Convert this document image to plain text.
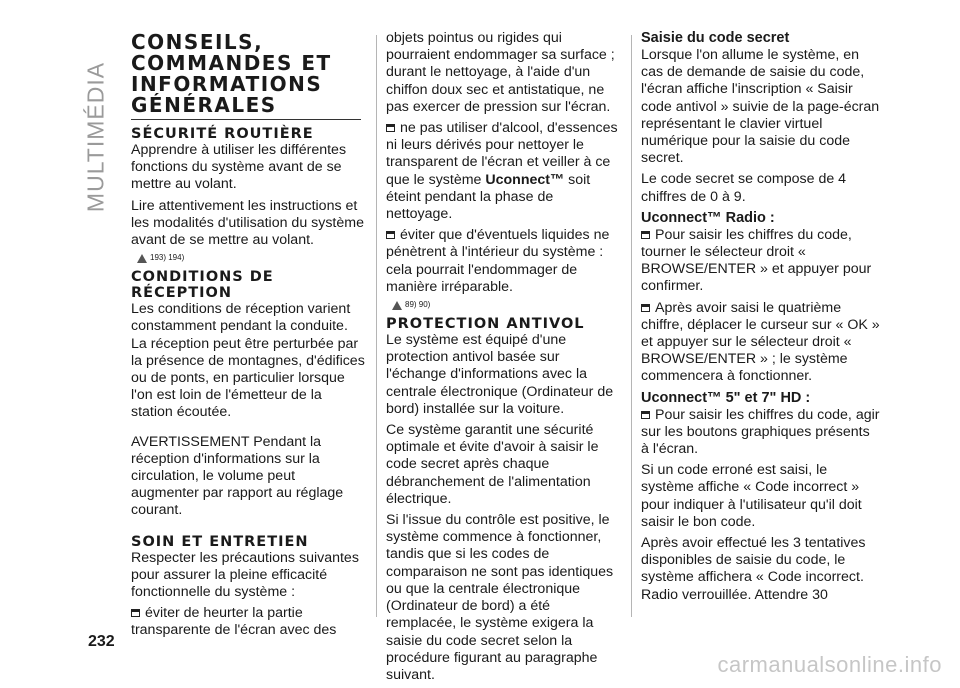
MULTIMÉDIA
232
CONSEILS,
COMMANDES ET
INFORMATIONS
GÉNÉRALES
SÉCURITÉ ROUTIÈRE

Apprendre à utiliser les différentes fonctions du système avant de se mettre au volant.

Lire attentivement les instructions et les modalités d'utilisation du système avant de se mettre au volant.

193) 194)
CONDITIONS DE
RÉCEPTION

Les conditions de réception varient constamment pendant la conduite. La réception peut être perturbée par la présence de montagnes, d'édifices ou de ponts, en particulier lorsque l'on est loin de l'émetteur de la station écoutée.

AVERTISSEMENT Pendant la réception d'informations sur la circulation, le volume peut augmenter par rapport au réglage courant.

SOIN ET ENTRETIEN

Respecter les précautions suivantes pour assurer la pleine efficacité fonctionnelle du système :

éviter de heurter la partie transparente de l'écran avec des

objets pointus ou rigides qui pourraient endommager sa surface ; durant le nettoyage, à l'aide d'un chiffon doux sec et antistatique, ne pas exercer de pression sur l'écran.

ne pas utiliser d'alcool, d'essences ni leurs dérivés pour nettoyer le transparent de l'écran et veiller à ce que le système Uconnect™ soit éteint pendant la phase de nettoyage.

éviter que d'éventuels liquides ne pénètrent à l'intérieur du système : cela pourrait l'endommager de manière irréparable.

89) 90)
PROTECTION ANTIVOL

Le système est équipé d'une protection antivol basée sur l'échange d'informations avec la centrale électronique (Ordinateur de bord) installée sur la voiture.

Ce système garantit une sécurité optimale et évite d'avoir à saisir le code secret après chaque débranchement de l'alimentation électrique.

Si l'issue du contrôle est positive, le système commence à fonctionner, tandis que si les codes de comparaison ne sont pas identiques ou que la centrale électronique (Ordinateur de bord) a été remplacée, le système exigera la saisie du code secret selon la procédure figurant au paragraphe suivant.

Saisie du code secret

Lorsque l'on allume le système, en cas de demande de saisie du code, l'écran affiche l'inscription « Saisir code antivol » suivie de la page-écran représentant le clavier virtuel numérique pour la saisie du code secret.

Le code secret se compose de 4 chiffres de 0 à 9.

Uconnect™ Radio :

Pour saisir les chiffres du code, tourner le sélecteur droit « BROWSE/ENTER » et appuyer pour confirmer.

Après avoir saisi le quatrième chiffre, déplacer le curseur sur « OK » et appuyer sur le sélecteur droit « BROWSE/ENTER » ; le système commencera à fonctionner.

Uconnect™ 5" et 7" HD :

Pour saisir les chiffres du code, agir sur les boutons graphiques présents à l'écran.

Si un code erroné est saisi, le système affiche « Code incorrect » pour indiquer à l'utilisateur qu'il doit saisir le bon code.

Après avoir effectué les 3 tentatives disponibles de saisie du code, le système affichera « Code incorrect. Radio verrouillée. Attendre 30

carmanualsonline.info
